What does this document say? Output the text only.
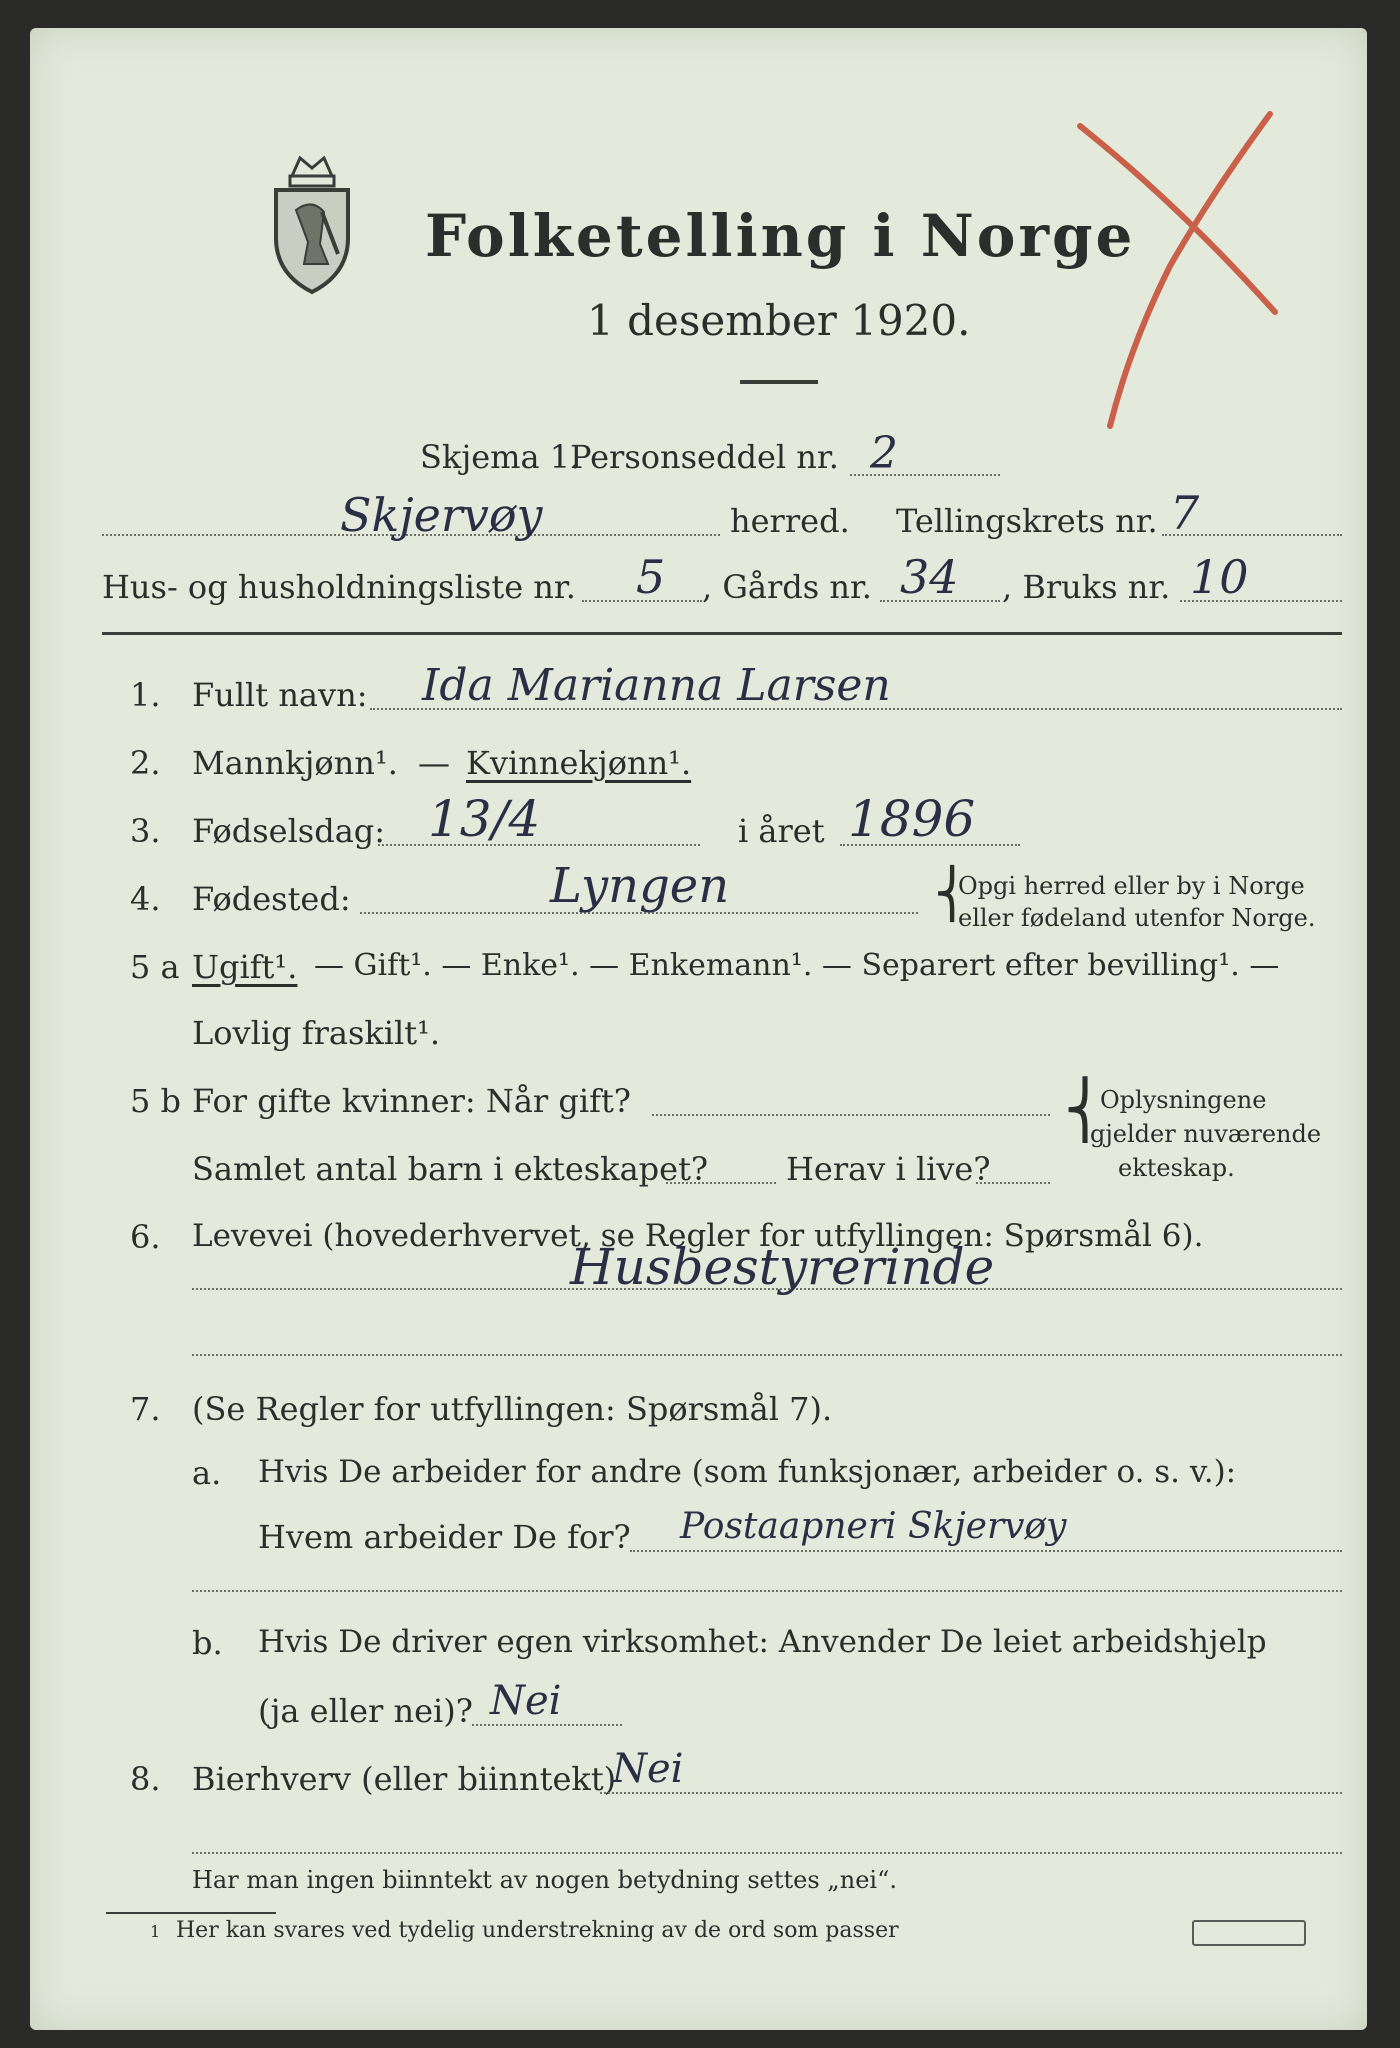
Folketelling i Norge
1 desember 1920.
Skjema 1.
Personseddel nr. 2
Skjervøy	herred. Tellingskrets nr. 7
Hus- og husholdningsliste nr. 5 , Gårds nr. 34 , Bruks nr. 10
1. Fullt navn: Ida Marianna Larsen
2. Mannkjønn¹. — Kvinnekjønn¹.
3. Fødselsdag: 13/4	i året 1896
4. Fødested:	Lyngen	⎨
Opgi herred eller by i Norge
eller fødeland utenfor Norge.
5 a Ugift¹. — Gift¹. — Enke¹. — Enkemann¹. — Separert efter bevilling¹. —
Lovlig fraskilt¹.
5 b For gifte kvinner: Når gift?
Samlet antal barn i ekteskapet? Herav i live?
⎨
Oplysningene
gjelder nuværende
ekteskap.
6. Levevei (hovederhvervet, se Regler for utfyllingen: Spørsmål 6).
Husbestyrerinde
7. (Se Regler for utfyllingen: Spørsmål 7).
a. Hvis De arbeider for andre (som funksjonær, arbeider o. s. v.):
Hvem arbeider De for? Postaapneri Skjervøy
b. Hvis De driver egen virksomhet: Anvender De leiet arbeidshjelp
(ja eller nei)? Nei
8. Bierhverv (eller biinntekt)
Nei
Har man ingen biinntekt av nogen betydning settes „nei“.
1 Her kan svares ved tydelig understrekning av de ord som passer
